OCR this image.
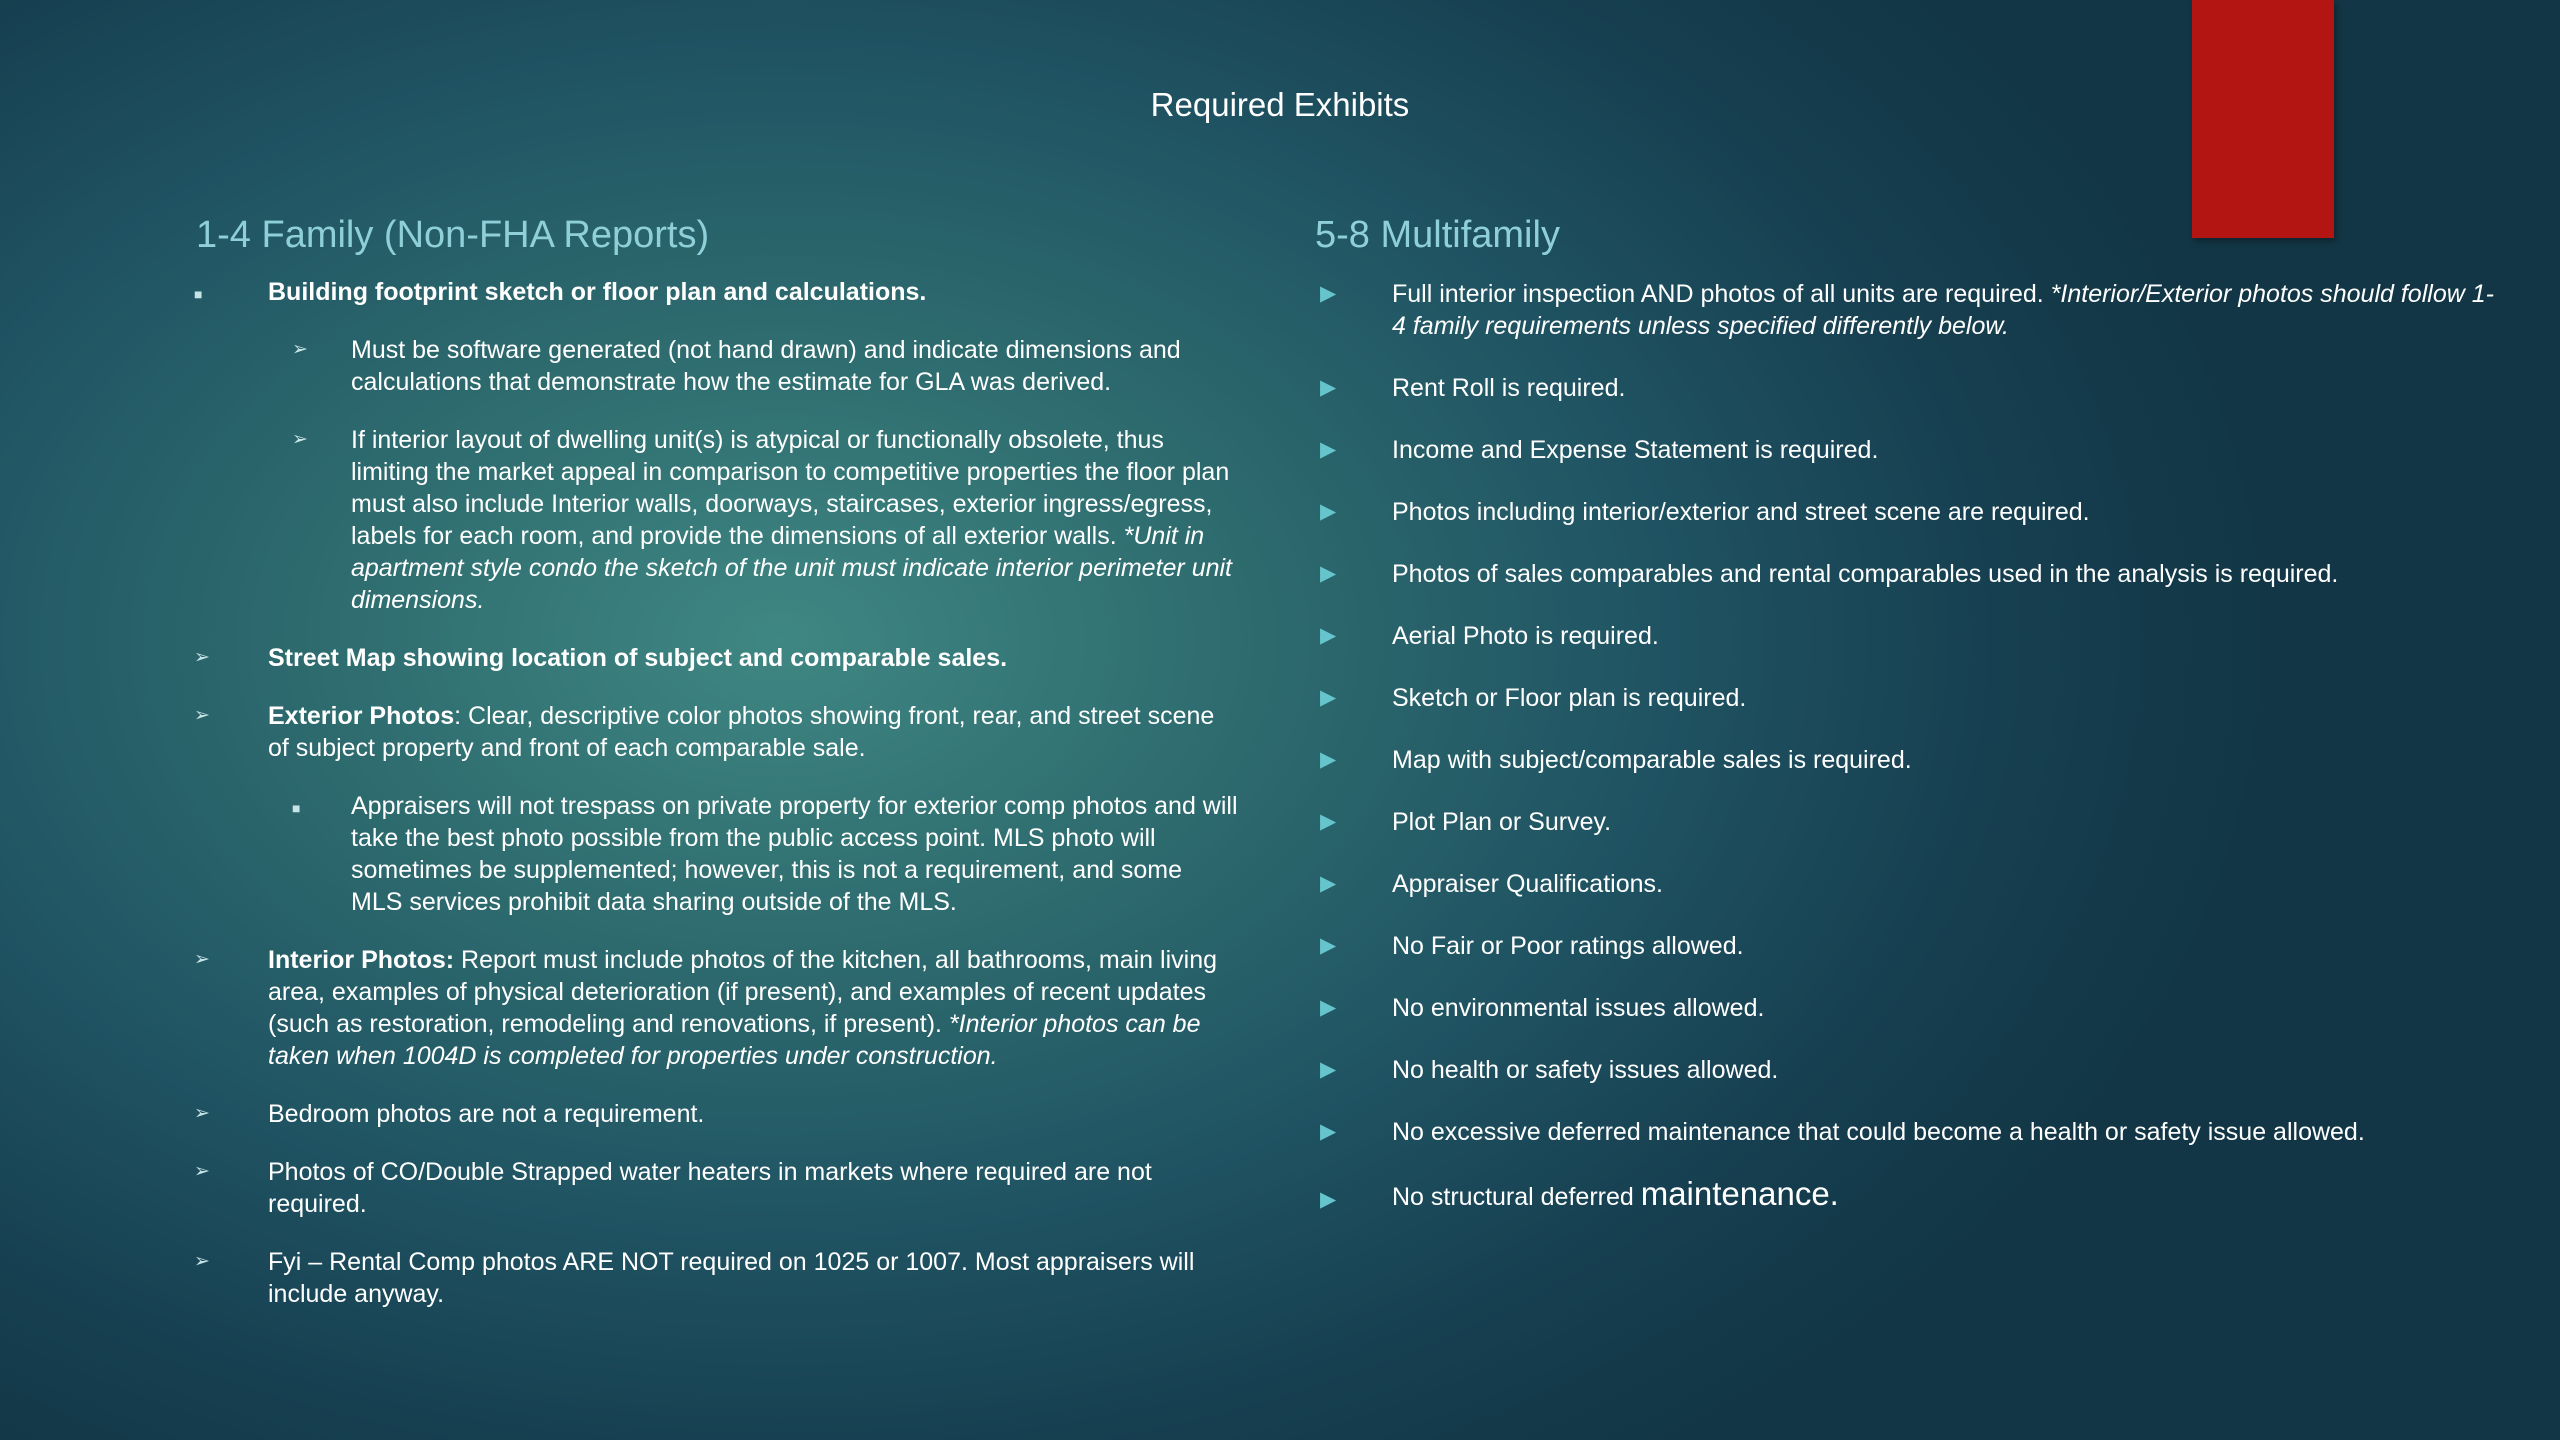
Required Exhibits
1-4 Family (Non-FHA Reports)	5-8 Multifamily
■	Building footprint sketch or floor plan and calculations.
➢ Must be software generated (not hand drawn) and indicate dimensions and calculations that demonstrate how the estimate for GLA was derived.
➢ If interior layout of dwelling unit(s) is atypical or functionally obsolete, thus limiting the market appeal in comparison to competitive properties the floor plan must also include Interior walls, doorways, staircases, exterior ingress/egress, labels for each room, and provide the dimensions of all exterior walls. *Unit in apartment style condo the sketch of the unit must indicate interior perimeter unit dimensions.
➢ Street Map showing location of subject and comparable sales.
➢ Exterior Photos: Clear, descriptive color photos showing front, rear, and street scene of subject property and front of each comparable sale.
■ Appraisers will not trespass on private property for exterior comp photos and will take the best photo possible from the public access point. MLS photo will sometimes be supplemented; however, this is not a requirement, and some MLS services prohibit data sharing outside of the MLS.
➢ Interior Photos: Report must include photos of the kitchen, all bathrooms, main living area, examples of physical deterioration (if present), and examples of recent updates (such as restoration, remodeling and renovations, if present). *Interior photos can be taken when 1004D is completed for properties under construction.
➢ Bedroom photos are not a requirement.
➢ Photos of CO/Double Strapped water heaters in markets where required are not required.
➢ Fyi – Rental Comp photos ARE NOT required on 1025 or 1007. Most appraisers will include anyway.
▶ Full interior inspection AND photos of all units are required. *Interior/Exterior photos should follow 1-4 family requirements unless specified differently below.
▶ Rent Roll is required.
▶ Income and Expense Statement is required.
▶ Photos including interior/exterior and street scene are required.
▶ Photos of sales comparables and rental comparables used in the analysis is required.
▶ Aerial Photo is required.
▶ Sketch or Floor plan is required.
▶ Map with subject/comparable sales is required.
▶ Plot Plan or Survey.
▶ Appraiser Qualifications.
▶ No Fair or Poor ratings allowed.
▶ No environmental issues allowed.
▶ No health or safety issues allowed.
▶ No excessive deferred maintenance that could become a health or safety issue allowed.
▶ No structural deferred maintenance.
